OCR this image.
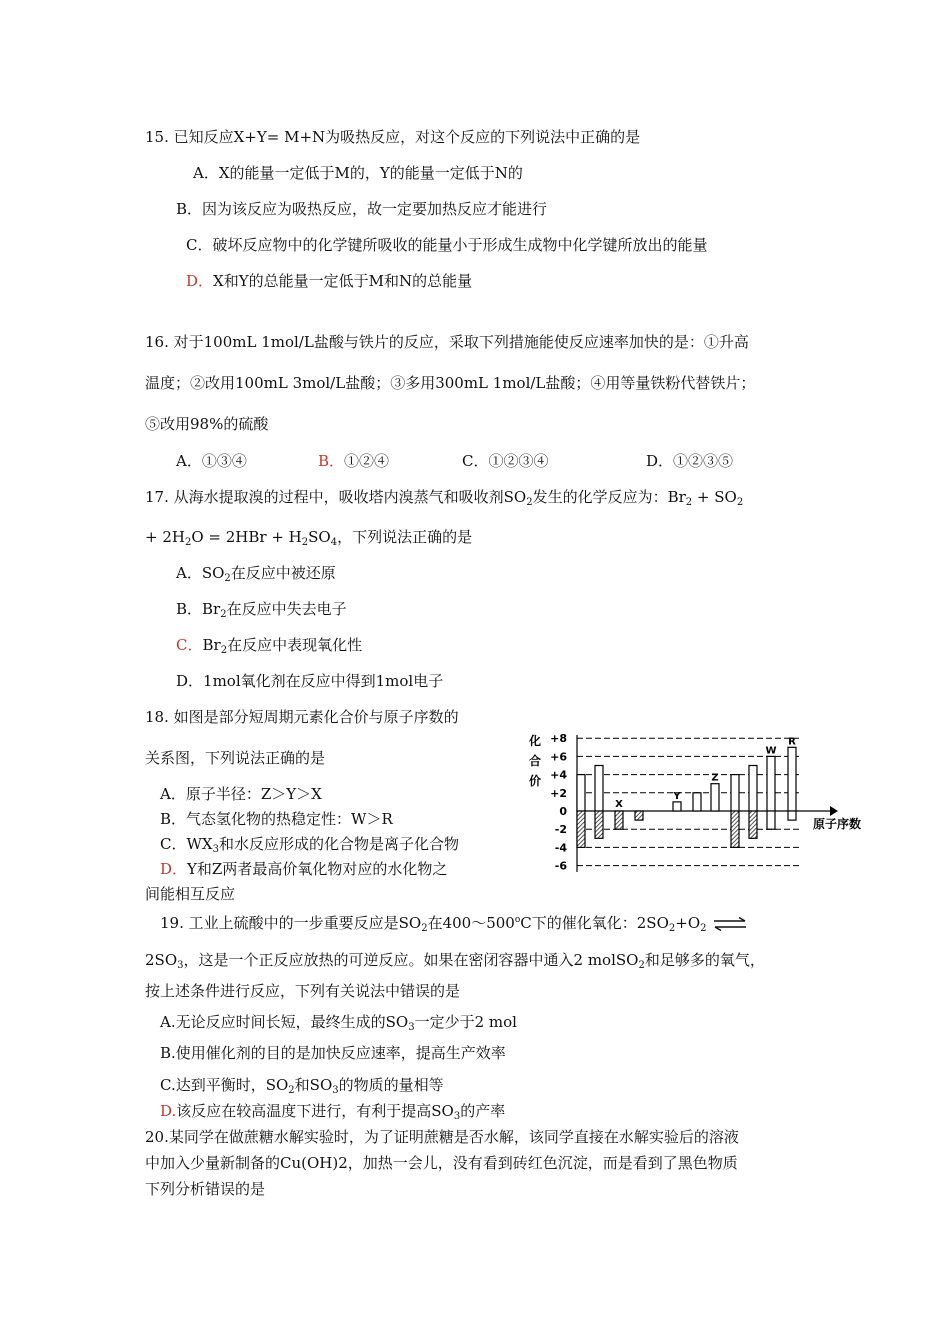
15. 已知反应X+Y= M+N为吸热反应，对这个反应的下列说法中正确的是
A．X的能量一定低于M的，Y的能量一定低于N的
B．因为该反应为吸热反应，故一定要加热反应才能进行
C．破坏反应物中的化学键所吸收的能量小于形成生成物中化学键所放出的能量
D．X和Y的总能量一定低于M和N的总能量
16. 对于100mL 1mol/L盐酸与铁片的反应，采取下列措施能使反应速率加快的是：①升高
温度；②改用100mL 3mol/L盐酸；③多用300mL 1mol/L盐酸；④用等量铁粉代替铁片；
⑤改用98%的硫酸
A．①③④	B．①②④	C．①②③④	D．①②③⑤
17. 从海水提取溴的过程中，吸收塔内溴蒸气和吸收剂$SO_2$发生的化学反应为：$Br_2 + SO_2$
+ $2H_2O = 2HBr + H_2SO_4$，下列说法正确的是
A．$SO_2$在反应中被还原
B．$Br_2$在反应中失去电子
C．$Br_2$在反应中表现氧化性
D．1mol氧化剂在反应中得到1mol电子
18. 如图是部分短周期元素化合价与原子序数的
关系图，下列说法正确的是
A．原子半径：Z＞Y＞X
B．气态氢化物的热稳定性：W＞R
C．$WX_3$和水反应形成的化合物是离子化合物
D．Y和Z两者最高价氧化物对应的水化物之
间能相互反应
化
合
价
+8
+6
+4
+2
0
-2
-4
-6
原子序数
Y
Z
W
R
X
19. 工业上硫酸中的一步重要反应是$SO_2$在400～500$^o$C下的催化氧化：$2SO_2+O_2$ ⇌
$2SO_3$，这是一个正反应放热的可逆反应。如果在密闭容器中通入2 molSO$_2$和足够多的氧气，
按上述条件进行反应，下列有关说法中错误的是
A.无论反应时间长短，最终生成的$SO_3$一定少于2 mol
B.使用催化剂的目的是加快反应速率，提高生产效率
C.达到平衡时，$SO_2$和$SO_3$的物质的量相等
D.该反应在较高温度下进行，有利于提高$SO_3$的产率
20.某同学在做蔗糖水解实验时，为了证明蔗糖是否水解，该同学直接在水解实验后的溶液
中加入少量新制备的Cu(OH)2，加热一会儿，没有看到砖红色沉淀，而是看到了黑色物质
下列分析错误的是
